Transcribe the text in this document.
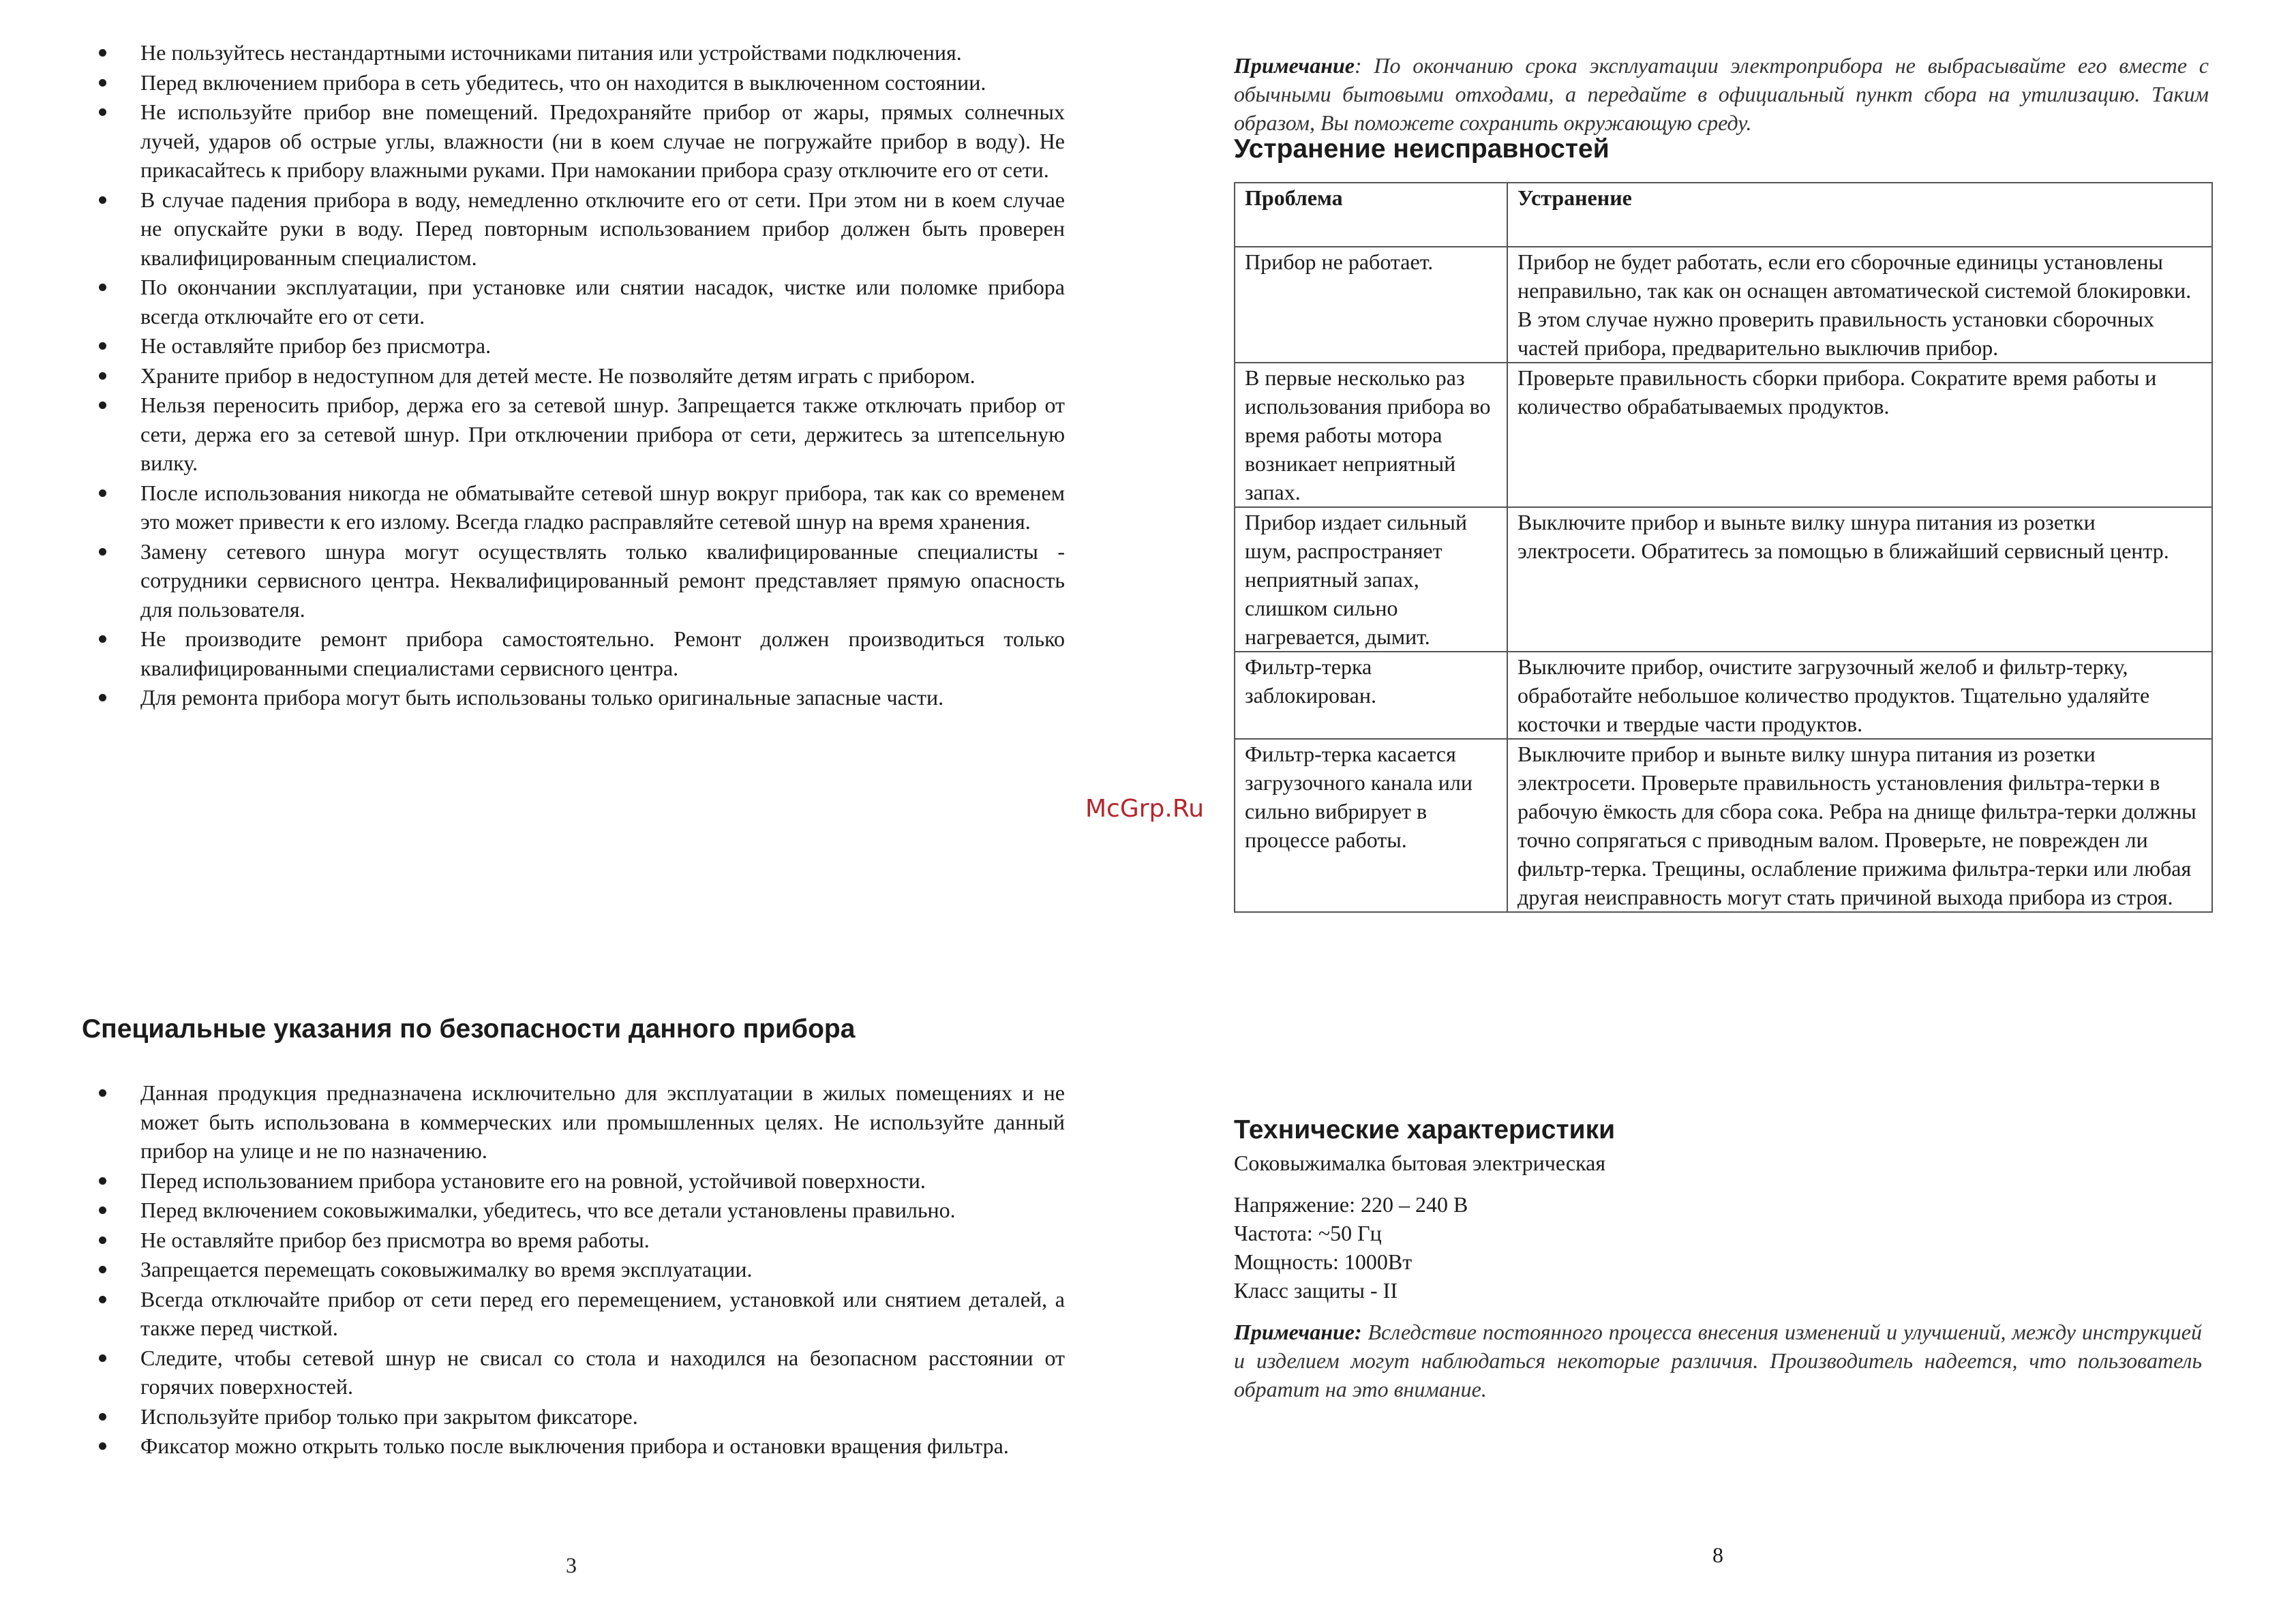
Не пользуйтесь нестандартными источниками питания или устройствами подключения.
Перед включением прибора в сеть убедитесь, что он находится в выключенном состоянии.
Не используйте прибор вне помещений. Предохраняйте прибор от жары, прямых солнечных лучей, ударов об острые углы, влажности (ни в коем случае не погружайте прибор в воду). Не прикасайтесь к прибору влажными руками. При намокании прибора сразу отключите его от сети.
В случае падения прибора в воду, немедленно отключите его от сети. При этом ни в коем случае не опускайте руки в воду. Перед повторным использованием прибор должен быть проверен квалифицированным специалистом.
По окончании эксплуатации, при установке или снятии насадок, чистке или поломке прибора всегда отключайте его от сети.
Не оставляйте прибор без присмотра.
Храните прибор в недоступном для детей месте. Не позволяйте детям играть с прибором.
Нельзя переносить прибор, держа его за сетевой шнур. Запрещается также отключать прибор от сети, держа его за сетевой шнур. При отключении прибора от сети, держитесь за штепсельную вилку.
После использования никогда не обматывайте сетевой шнур вокруг прибора, так как со временем это может привести к его излому. Всегда гладко расправляйте сетевой шнур на время хранения.
Замену сетевого шнура могут осуществлять только квалифицированные специалисты - сотрудники сервисного центра. Неквалифицированный ремонт представляет прямую опасность для пользователя.
Не производите ремонт прибора самостоятельно. Ремонт должен производиться только квалифицированными специалистами сервисного центра.
Для ремонта прибора могут быть использованы только оригинальные запасные части.
Специальные указания по безопасности данного прибора
Данная продукция предназначена исключительно для эксплуатации в жилых помещениях и не может быть использована в коммерческих или промышленных целях. Не используйте данный прибор на улице и не по назначению.
Перед использованием прибора установите его на ровной, устойчивой поверхности.
Перед включением соковыжималки, убедитесь, что все детали установлены правильно.
Не оставляйте прибор без присмотра во время работы.
Запрещается перемещать соковыжималку во время эксплуатации.
Всегда отключайте прибор от сети перед его перемещением, установкой или снятием деталей, а также перед чисткой.
Следите, чтобы сетевой шнур не свисал со стола и находился на безопасном расстоянии от горячих поверхностей.
Используйте прибор только при закрытом фиксаторе.
Фиксатор можно открыть только после выключения прибора и остановки вращения фильтра.
3
McGrp.Ru
Примечание: По окончанию срока эксплуатации электроприбора не выбрасывайте его вместе с обычными бытовыми отходами, а передайте в официальный пункт сбора на утилизацию. Таким образом, Вы поможете сохранить окружающую среду.
Устранение неисправностей
Проблема	Устранение
Прибор не работает.	Прибор не будет работать, если его сборочные единицы установлены неправильно, так как он оснащен автоматической системой блокировки. В этом случае нужно проверить правильность установки сборочных частей прибора, предварительно выключив прибор.
В первые несколько раз использования прибора во время работы мотора возникает неприятный запах.	Проверьте правильность сборки прибора. Сократите время работы и количество обрабатываемых продуктов.
Прибор издает сильный шум, распространяет неприятный запах, слишком сильно нагревается, дымит.	Выключите прибор и выньте вилку шнура питания из розетки электросети. Обратитесь за помощью в ближайший сервисный центр.
Фильтр-терка заблокирован.	Выключите прибор, очистите загрузочный желоб и фильтр-терку, обработайте небольшое количество продуктов. Тщательно удаляйте косточки и твердые части продуктов.
Фильтр-терка касается загрузочного канала или сильно вибрирует в процессе работы.	Выключите прибор и выньте вилку шнура питания из розетки электросети. Проверьте правильность установления фильтра-терки в рабочую ёмкость для сбора сока. Ребра на днище фильтра-терки должны точно сопрягаться с приводным валом. Проверьте, не поврежден ли фильтр-терка. Трещины, ослабление прижима фильтра-терки или любая другая неисправность могут стать причиной выхода прибора из строя.
Технические характеристики
Соковыжималка бытовая электрическая
Напряжение: 220 – 240 В
Частота: ~50 Гц
Мощность: 1000Вт
Класс защиты - II
Примечание: Вследствие постоянного процесса внесения изменений и улучшений, между инструкцией и изделием могут наблюдаться некоторые различия. Производитель надеется, что пользователь обратит на это внимание.
8
